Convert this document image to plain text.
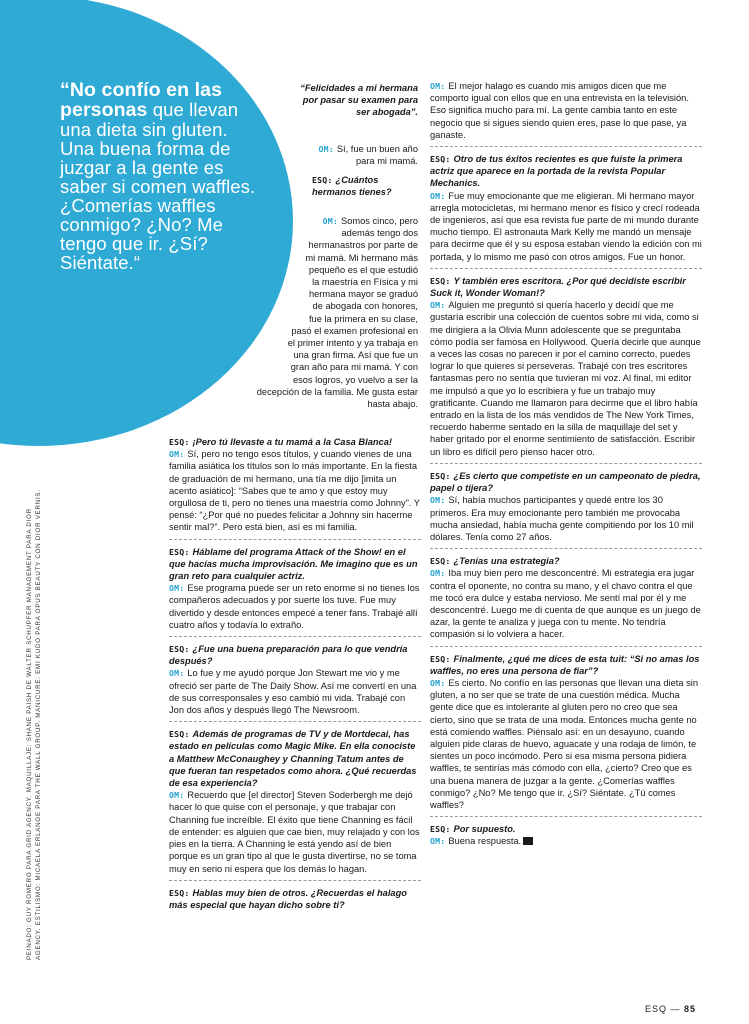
“No confío en las personas que llevan una dieta sin gluten. Una buena forma de juzgar a la gente es saber si comen waffles. ¿Comerías waffles conmigo? ¿No? Me tengo que ir. ¿Sí? Siéntate.“
PEINADO: GUY ROMERO PARA GRID AGENCY. MAQUILLAJE: SHANE PAISH DE WALTER SCHUPFER MANAGEMENT PARA DIOR AGENCY. ESTILISMO: MICAELA ERLANGE PARA THE WALL GROUP. MANICURE: EMI KUDO PARA OPUS BEAUTY CON DIOR VERNIS.

“Felicidades a mi hermana por pasar su examen para ser abogada”.

OM: Sí, fue un buen año para mi mamá.
ESQ: ¿Cuántos hermanos tienes?
OM: Somos cinco, pero además tengo dos hermanastros por parte de mi mamá. Mi hermano más pequeño es el que estudió la maestría en Física y mi hermana mayor se graduó de abogada con honores, fue la primera en su clase, pasó el examen profesional en el primer intento y ya trabaja en una gran firma. Así que fue un gran año para mi mamá. Y con esos logros, yo vuelvo a ser la decepción de la familia. Me gusta estar hasta abajo.

ESQ: ¡Pero tú llevaste a tu mamá a la Casa Blanca!

OM: Sí, pero no tengo esos títulos, y cuando vienes de una familia asiática los títulos son lo más importante. En la fiesta de graduación de mi hermano, una tía me dijo [imita un acento asiático]: “Sabes que te amo y que estoy muy orgullosa de ti, pero no tienes una maestría como Johnny”. Y pensé: “¿Por qué no puedes felicitar a Johnny sin hacerme sentir mal?”. Pero está bien, así es mi familia.

ESQ: Háblame del programa Attack of the Show! en el que hacías mucha improvisación. Me imagino que es un gran reto para cualquier actriz.

OM: Ese programa puede ser un reto enorme si no tienes los compañeros adecuados y por suerte los tuve. Fue muy divertido y desde entonces empecé a tener fans. Trabajé allí cuatro años y todavía lo extraño.

ESQ: ¿Fue una buena preparación para lo que vendría después?

OM: Lo fue y me ayudó porque Jon Stewart me vio y me ofreció ser parte de The Daily Show. Así me convertí en una de sus corresponsales y eso cambió mi vida. Trabajé con Jon dos años y después llegó The Newsroom.

ESQ: Además de programas de TV y de Mortdecai, has estado en películas como Magic Mike. En ella conociste a Matthew McConaughey y Channing Tatum antes de que fueran tan respetados como ahora. ¿Qué recuerdas de esa experiencia?

OM: Recuerdo que [el director] Steven Soderbergh me dejó hacer lo que quise con el personaje, y que trabajar con Channing fue increíble. El éxito que tiene Channing es fácil de entender: es alguien que cae bien, muy relajado y con los pies en la tierra. A Channing le está yendo así de bien porque es un gran tipo al que le gusta divertirse, no se toma muy en serio ni espera que los demás lo hagan.

ESQ: Hablas muy bien de otros. ¿Recuerdas el halago más especial que hayan dicho sobre ti?

OM: El mejor halago es cuando mis amigos dicen que me comporto igual con ellos que en una entrevista en la televisión. Eso significa mucho para mí. La gente cambia tanto en este negocio que si sigues siendo quien eres, pase lo que pase, ya ganaste.

ESQ: Otro de tus éxitos recientes es que fuiste la primera actriz que aparece en la portada de la revista Popular Mechanics.

OM: Fue muy emocionante que me eligieran. Mi hermano mayor arregla motocicletas, mi hermano menor es físico y crecí rodeada de ingenieros, así que esa revista fue parte de mi mundo durante mucho tiempo. El astronauta Mark Kelly me mandó un mensaje para decirme que él y su esposa estaban viendo la edición con mi portada, y lo mismo me pasó con otros amigos. Fue un honor.

ESQ: Y también eres escritora. ¿Por qué decidiste escribir Suck it, Wonder Woman!?

OM: Alguien me preguntó si quería hacerlo y decidí que me gustaría escribir una colección de cuentos sobre mi vida, como si me dirigiera a la Olivia Munn adolescente que se preguntaba cómo podía ser famosa en Hollywood. Quería decirle que aunque a veces las cosas no parecen ir por el camino correcto, puedes lograr lo que quieres si perseveras. Trabajé con tres escritores fantasmas pero no sentía que tuvieran mi voz. Al final, mi editor me impulsó a que yo lo escribiera y fue un trabajo muy gratificante. Cuando me llamaron para decirme que el libro había entrado en la lista de los más vendidos de The New York Times, recuerdo haberme sentado en la silla de maquillaje del set y haber gritado por el enorme sentimiento de satisfacción. Escribir un libro es difícil pero pienso hacer otro.

ESQ: ¿Es cierto que competiste en un campeonato de piedra, papel o tijera?

OM: Sí, había muchos participantes y quedé entre los 30 primeros. Era muy emocionante pero también me provocaba mucha ansiedad, había mucha gente compitiendo por los 10 mil dólares. Tenía como 27 años.

ESQ: ¿Tenías una estrategia?

OM: Iba muy bien pero me desconcentré. Mi estrategia era jugar contra el oponente, no contra su mano, y el chavo contra el que me tocó era dulce y estaba nervioso. Me sentí mal por él y me desconcentré. Luego me di cuenta de que aunque es un juego de azar, la gente te analiza y juega con tu mente. No tendría compasión si lo volviera a hacer.

ESQ: Finalmente, ¿qué me dices de esta tuit: “Si no amas los waffles, no eres una persona de fiar”?

OM: Es cierto. No confío en las personas que llevan una dieta sin gluten, a no ser que se trate de una cuestión médica. Mucha gente dice que es intolerante al gluten pero no creo que sea cierto, sino que se trata de una moda. Entonces mucha gente no está comiendo waffles. Piénsalo así: en un desayuno, cuando alguien pide claras de huevo, aguacate y una rodaja de limón, te sientes un poco incómodo. Pero si esa misma persona pidiera waffles, te sentirías más cómodo con ella, ¿cierto? Creo que es una buena manera de juzgar a la gente. ¿Comerías waffles conmigo? ¿No? Me tengo que ir. ¿Sí? Siéntate. ¿Tú comes waffles?

ESQ: Por supuesto.

OM: Buena respuesta.

ESQ — 85
